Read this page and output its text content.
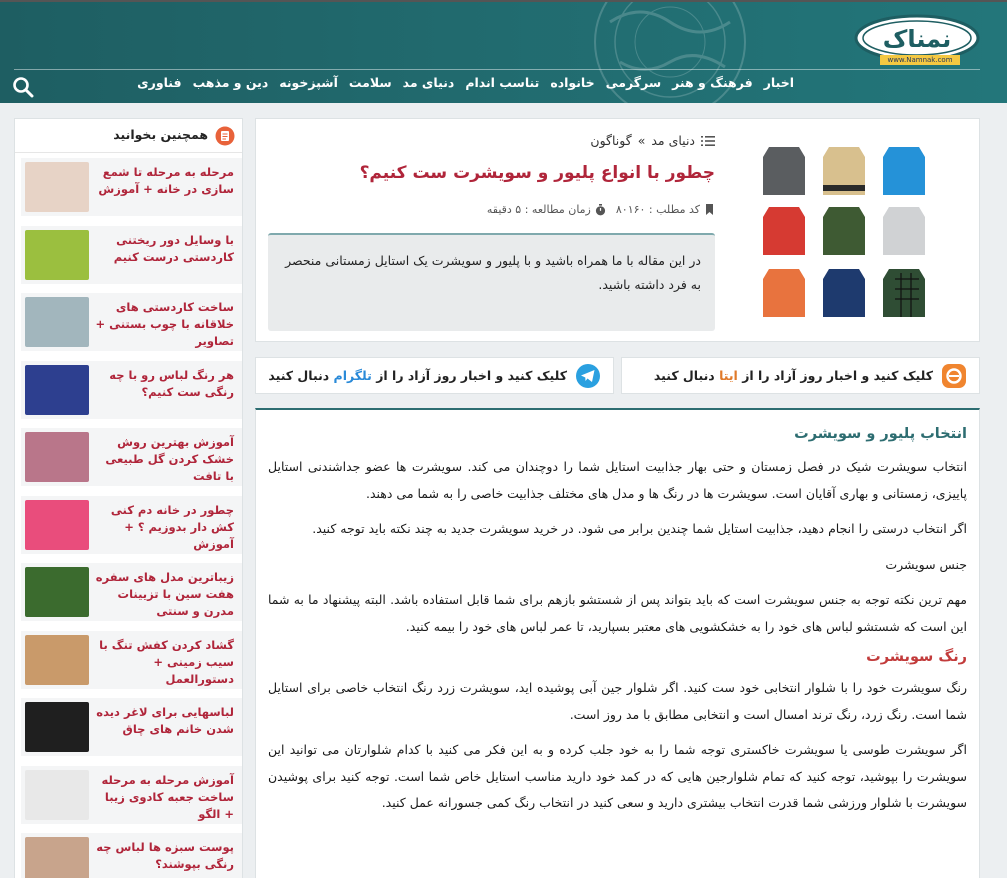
نمناک
www.Namnak.com
اخبار
فرهنگ و هنر
سرگرمی
خانواده
تناسب اندام
دنیای مد
سلامت
آشپزخونه
دین و مذهب
فناوری
همچنین بخوانید
مرحله به مرحله تا شمع سازی در خانه + آموزش
با وسایل دور ریختنی کاردستی درست کنیم
ساخت کاردستی های خلاقانه با چوب بستنی + تصاویر
هر رنگ لباس رو با چه رنگی ست کنیم؟
آموزش بهترین روش خشک کردن گل طبیعی با تافت
چطور در خانه دم کنی کش دار بدوزیم ؟ + آموزش
زیباترین مدل های سفره هفت سین با تزیینات مدرن و سنتی
گشاد کردن کفش تنگ با سیب زمینی + دستورالعمل
لباسهایی برای لاغر دیده شدن خانم های چاق
آموزش مرحله به مرحله ساخت جعبه کادوی زیبا + الگو
پوست سبزه ها لباس چه رنگی بپوشند؟
دنیای مد
»
گوناگون
چطور با انواع پلیور و سویشرت ست کنیم؟
کد مطلب : ۸۰۱۶۰
زمان مطالعه : ۵ دقیقه
در این مقاله با ما همراه باشید و با پلیور و سویشرت یک استایل زمستانی منحصر به فرد داشته باشید.
کلیک کنید و اخبار روز آزاد را از ایتا دنبال کنید
کلیک کنید و اخبار روز آزاد را از تلگرام دنبال کنید
انتخاب پلیور و سویشرت

انتخاب سویشرت شیک در فصل زمستان و حتی بهار جذابیت استایل شما را دوچندان می کند. سویشرت ها عضو جداشندنی استایل پاییزی، زمستانی و بهاری آقایان است. سویشرت ها در رنگ ها و مدل های مختلف جذابیت خاصی را به شما می دهند.

اگر انتخاب درستی را انجام دهید، جذابیت استایل شما چندین برابر می شود. در خرید سویشرت جدید به چند نکته باید توجه کنید.

جنس سویشرت

مهم ترین نکته توجه به جنس سویشرت است که باید بتواند پس از شستشو بازهم برای شما قابل استفاده باشد. البته پیشنهاد ما به شما این است که شستشو لباس های خود را به خشکشویی های معتبر بسپارید، تا عمر لباس های خود را بیمه کنید.

رنگ سویشرت

رنگ سویشرت خود را با شلوار انتخابی خود ست کنید. اگر شلوار جین آبی پوشیده اید، سویشرت زرد رنگ انتخاب خاصی برای استایل شما است. رنگ زرد، رنگ ترند امسال است و انتخابی مطابق با مد روز است.

اگر سویشرت طوسی یا سویشرت خاکستری توجه شما را به خود جلب کرده و به این فکر می کنید با کدام شلوارتان می توانید این سویشرت را بپوشید، توجه کنید که تمام شلوارجین هایی که در کمد خود دارید مناسب استایل خاص شما است. توجه کنید برای پوشیدن سویشرت با شلوار ورزشی شما قدرت انتخاب بیشتری دارید و سعی کنید در انتخاب رنگ کمی جسورانه عمل کنید.
